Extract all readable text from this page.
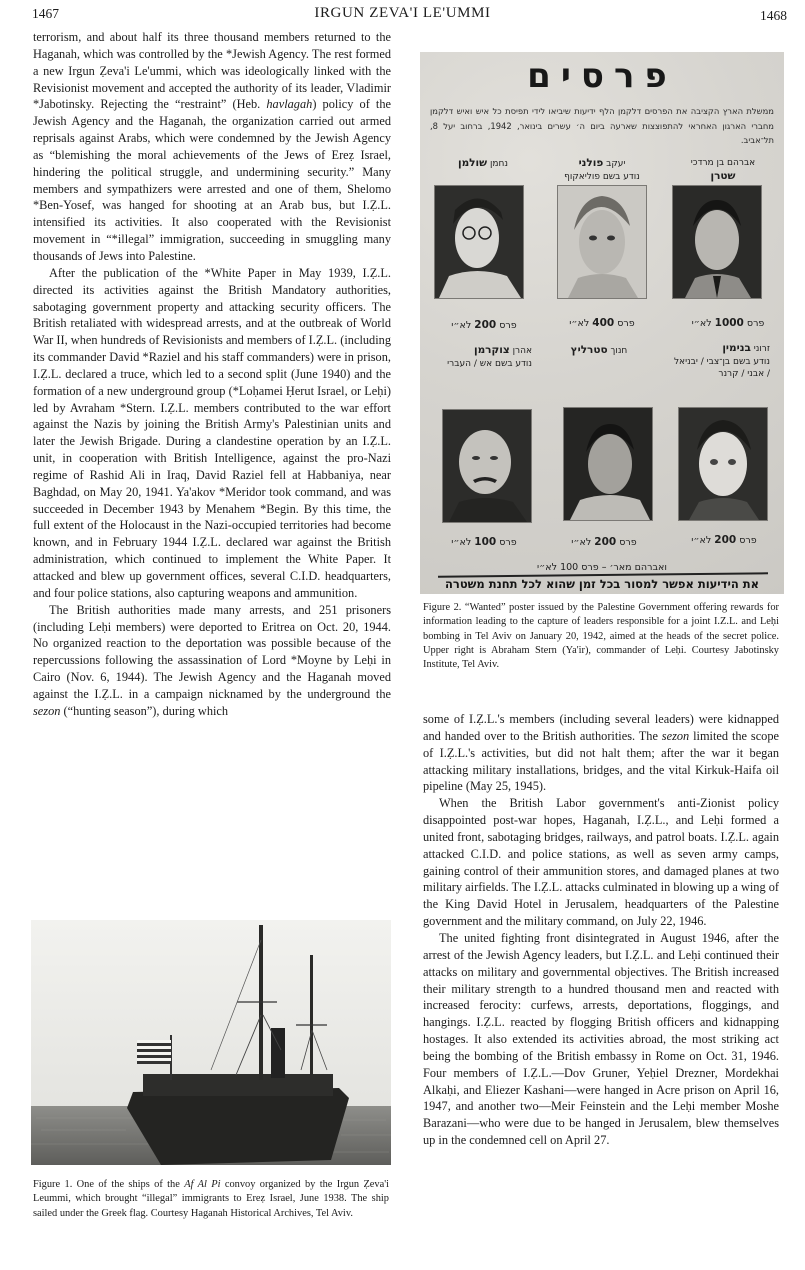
1467	IRGUN ZEVA'I LE'UMMI	1468

terrorism, and about half its three thousand members returned to the Haganah, which was controlled by the *Jewish Agency. The rest formed a new Irgun Ẓeva'i Le'ummi, which was ideologically linked with the Revisionist movement and accepted the authority of its leader, Vladimir *Jabotinsky. Rejecting the “restraint” (Heb. havlagah) policy of the Jewish Agency and the Haganah, the organization carried out armed reprisals against Arabs, which were condemned by the Jewish Agency as “blemishing the moral achievements of the Jews of Ereẓ Israel, hindering the political struggle, and undermining security.” Many members and sympathizers were arrested and one of them, Shelomo *Ben-Yosef, was hanged for shooting at an Arab bus, but I.Ẓ.L. intensified its activities. It also cooperated with the Revisionist movement in “*illegal” immigration, succeeding in smuggling many thousands of Jews into Palestine.

After the publication of the *White Paper in May 1939, I.Ẓ.L. directed its activities against the British Mandatory authorities, sabotaging government property and attacking security officers. The British retaliated with widespread arrests, and at the outbreak of World War II, when hundreds of Revisionists and members of I.Ẓ.L. (including its commander David *Raziel and his staff commanders) were in prison, I.Ẓ.L. declared a truce, which led to a second split (June 1940) and the formation of a new underground group (*Loḥamei Ḥerut Israel, or Leḥi) led by Avraham *Stern. I.Ẓ.L. members contributed to the war effort against the Nazis by joining the British Army's Palestinian units and later the Jewish Brigade. During a clandestine operation by an I.Ẓ.L. unit, in cooperation with British Intelligence, against the pro-Nazi regime of Rashid Ali in Iraq, David Raziel fell at Habbaniya, near Baghdad, on May 20, 1941. Ya'akov *Meridor took command, and was succeeded in December 1943 by Menahem *Begin. By this time, the full extent of the Holocaust in the Nazi-occupied territories had become known, and in February 1944 I.Ẓ.L. declared war against the British administration, which continued to implement the White Paper. It attacked and blew up government offices, several C.I.D. headquarters, and four police stations, also capturing weapons and ammunition.

The British authorities made many arrests, and 251 prisoners (including Leḥi members) were deported to Eritrea on Oct. 20, 1944. No organized reaction to the deportation was possible because of the repercussions following the assassination of Lord *Moyne by Leḥi in Cairo (Nov. 6, 1944). The Jewish Agency and the Haganah moved against the I.Ẓ.L. in a campaign nicknamed by the underground the sezon (“hunting season”), during which

Figure 1. One of the ships of the Af Al Pi convoy organized by the Irgun Ẓeva'i Leummi, which brought “illegal” immigrants to Ereẓ Israel, June 1938. The ship sailed under the Greek flag. Courtesy Haganah Historical Archives, Tel Aviv.
פרסים
ממשלת הארץ הקציבה את הפרסים דלקמן הלף ידיעות שיביאו לידי תפיסת כל איש ואיש דלקמן מחברי הארגון האחראי להתפוצצות שארעה ביום ה׳ עשרים בינואר, 1942, ברחוב יעל 8, תל־אביב.
אברהם בן מרדכי
שטרן
יעקב פולני
נודע בשם פוליאקוף
נחמן שולמן
פרס 1000 לא״י
פרס 400 לא״י
פרס 200 לא״י
זרוני בנימין
נודע בשם בן־צבי / יבניאל / אבני / קרנר
חנוך סטרליץ
אהרן צוקרמן
נודע בשם אש / העברי
פרס 200 לא״י
פרס 200 לא״י
פרס 100 לא״י
ואברהם מאר׳ – פרס 100 לא״י
את הידיעות אפשר למסור בכל זמן שהוא לכל תחנת משטרה
Figure 2. “Wanted” poster issued by the Palestine Government offering rewards for information leading to the capture of leaders responsible for a joint I.Z.L. and Leḥi bombing in Tel Aviv on January 20, 1942, aimed at the heads of the secret police. Upper right is Abraham Stern (Ya'ir), commander of Leḥi. Courtesy Jabotinsky Institute, Tel Aviv.

some of I.Ẓ.L.'s members (including several leaders) were kidnapped and handed over to the British authorities. The sezon limited the scope of I.Ẓ.L.'s activities, but did not halt them; after the war it began attacking military installations, bridges, and the vital Kirkuk-Haifa oil pipeline (May 25, 1945).

When the British Labor government's anti-Zionist policy disappointed post-war hopes, Haganah, I.Ẓ.L., and Leḥi formed a united front, sabotaging bridges, railways, and patrol boats. I.Ẓ.L. again attacked C.I.D. and police stations, as well as seven army camps, gaining control of their ammunition stores, and damaged planes at two military airfields. The I.Ẓ.L. attacks culminated in blowing up a wing of the King David Hotel in Jerusalem, headquarters of the Palestine government and the military command, on July 22, 1946.

The united fighting front disintegrated in August 1946, after the arrest of the Jewish Agency leaders, but I.Ẓ.L. and Leḥi continued their attacks on military and governmental objectives. The British increased their military strength to a hundred thousand men and reacted with increased ferocity: curfews, arrests, deportations, floggings, and hangings. I.Ẓ.L. reacted by flogging British officers and kidnapping hostages. It also extended its activities abroad, the most striking act being the bombing of the British embassy in Rome on Oct. 31, 1946. Four members of I.Ẓ.L.—Dov Gruner, Yeḥiel Drezner, Mordekhai Alkaḥi, and Eliezer Kashani—were hanged in Acre prison on April 16, 1947, and another two—Meir Feinstein and the Leḥi member Moshe Barazani—who were due to be hanged in Jerusalem, blew themselves up in the condemned cell on April 27.
